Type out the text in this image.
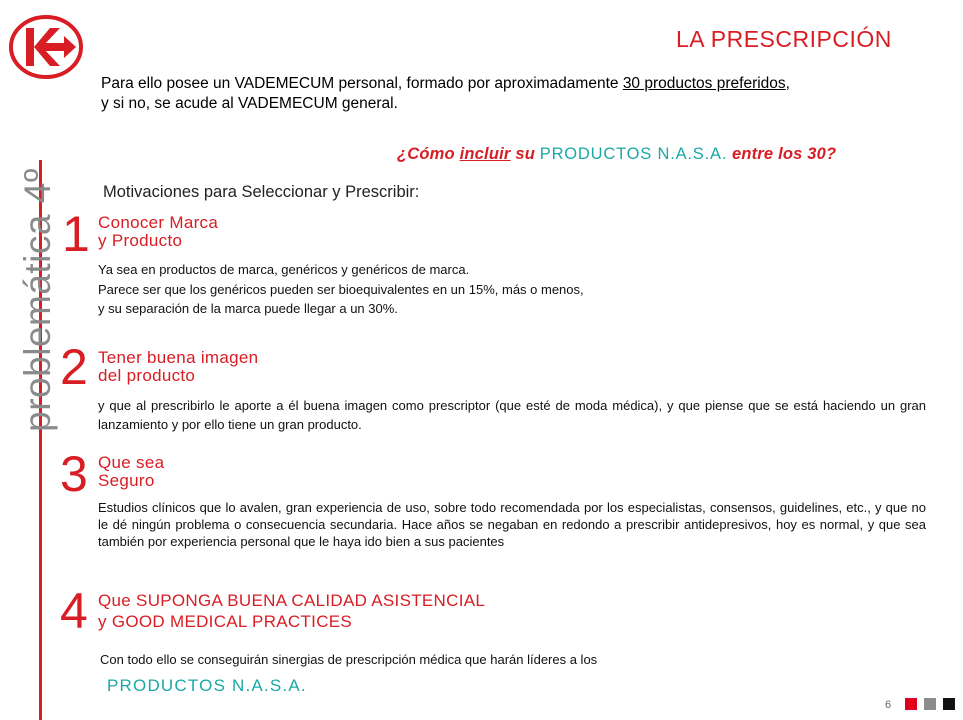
LA PRESCRIPCIÓN
Para ello posee un VADEMECUM personal, formado por aproximadamente 30 productos preferidos,
y si no, se acude al VADEMECUM general.
¿Cómo incluir su PRODUCTOS N.A.S.A. entre los 30?
Motivaciones para Seleccionar y Prescribir:
problemática 4º 1 Conocer Marca
y Producto
Ya sea en productos de marca, genéricos y genéricos de marca.
Parece ser que los genéricos pueden ser bioequivalentes en un 15%, más o menos,
y su separación de la marca puede llegar a un 30%.
2 Tener buena imagen
del producto
y que al prescribirlo le aporte a él buena imagen como prescriptor (que esté de moda médica), y que piense que se está haciendo un gran lanzamiento y por ello tiene un gran producto.
3 Que sea
Seguro
Estudios clínicos que lo avalen, gran experiencia de uso, sobre todo recomendada por los especialistas, consensos, guidelines, etc., y que no le dé ningún problema o consecuencia secundaria. Hace años se negaban en redondo a prescribir antidepresivos, hoy es normal, y que sea también por experiencia personal que le haya ido bien a sus pacientes
4 Que SUPONGA BUENA CALIDAD ASISTENCIAL
y GOOD MEDICAL PRACTICES
Con todo ello se conseguirán sinergias de prescripción médica que harán líderes a los
PRODUCTOS N.A.S.A.
6
